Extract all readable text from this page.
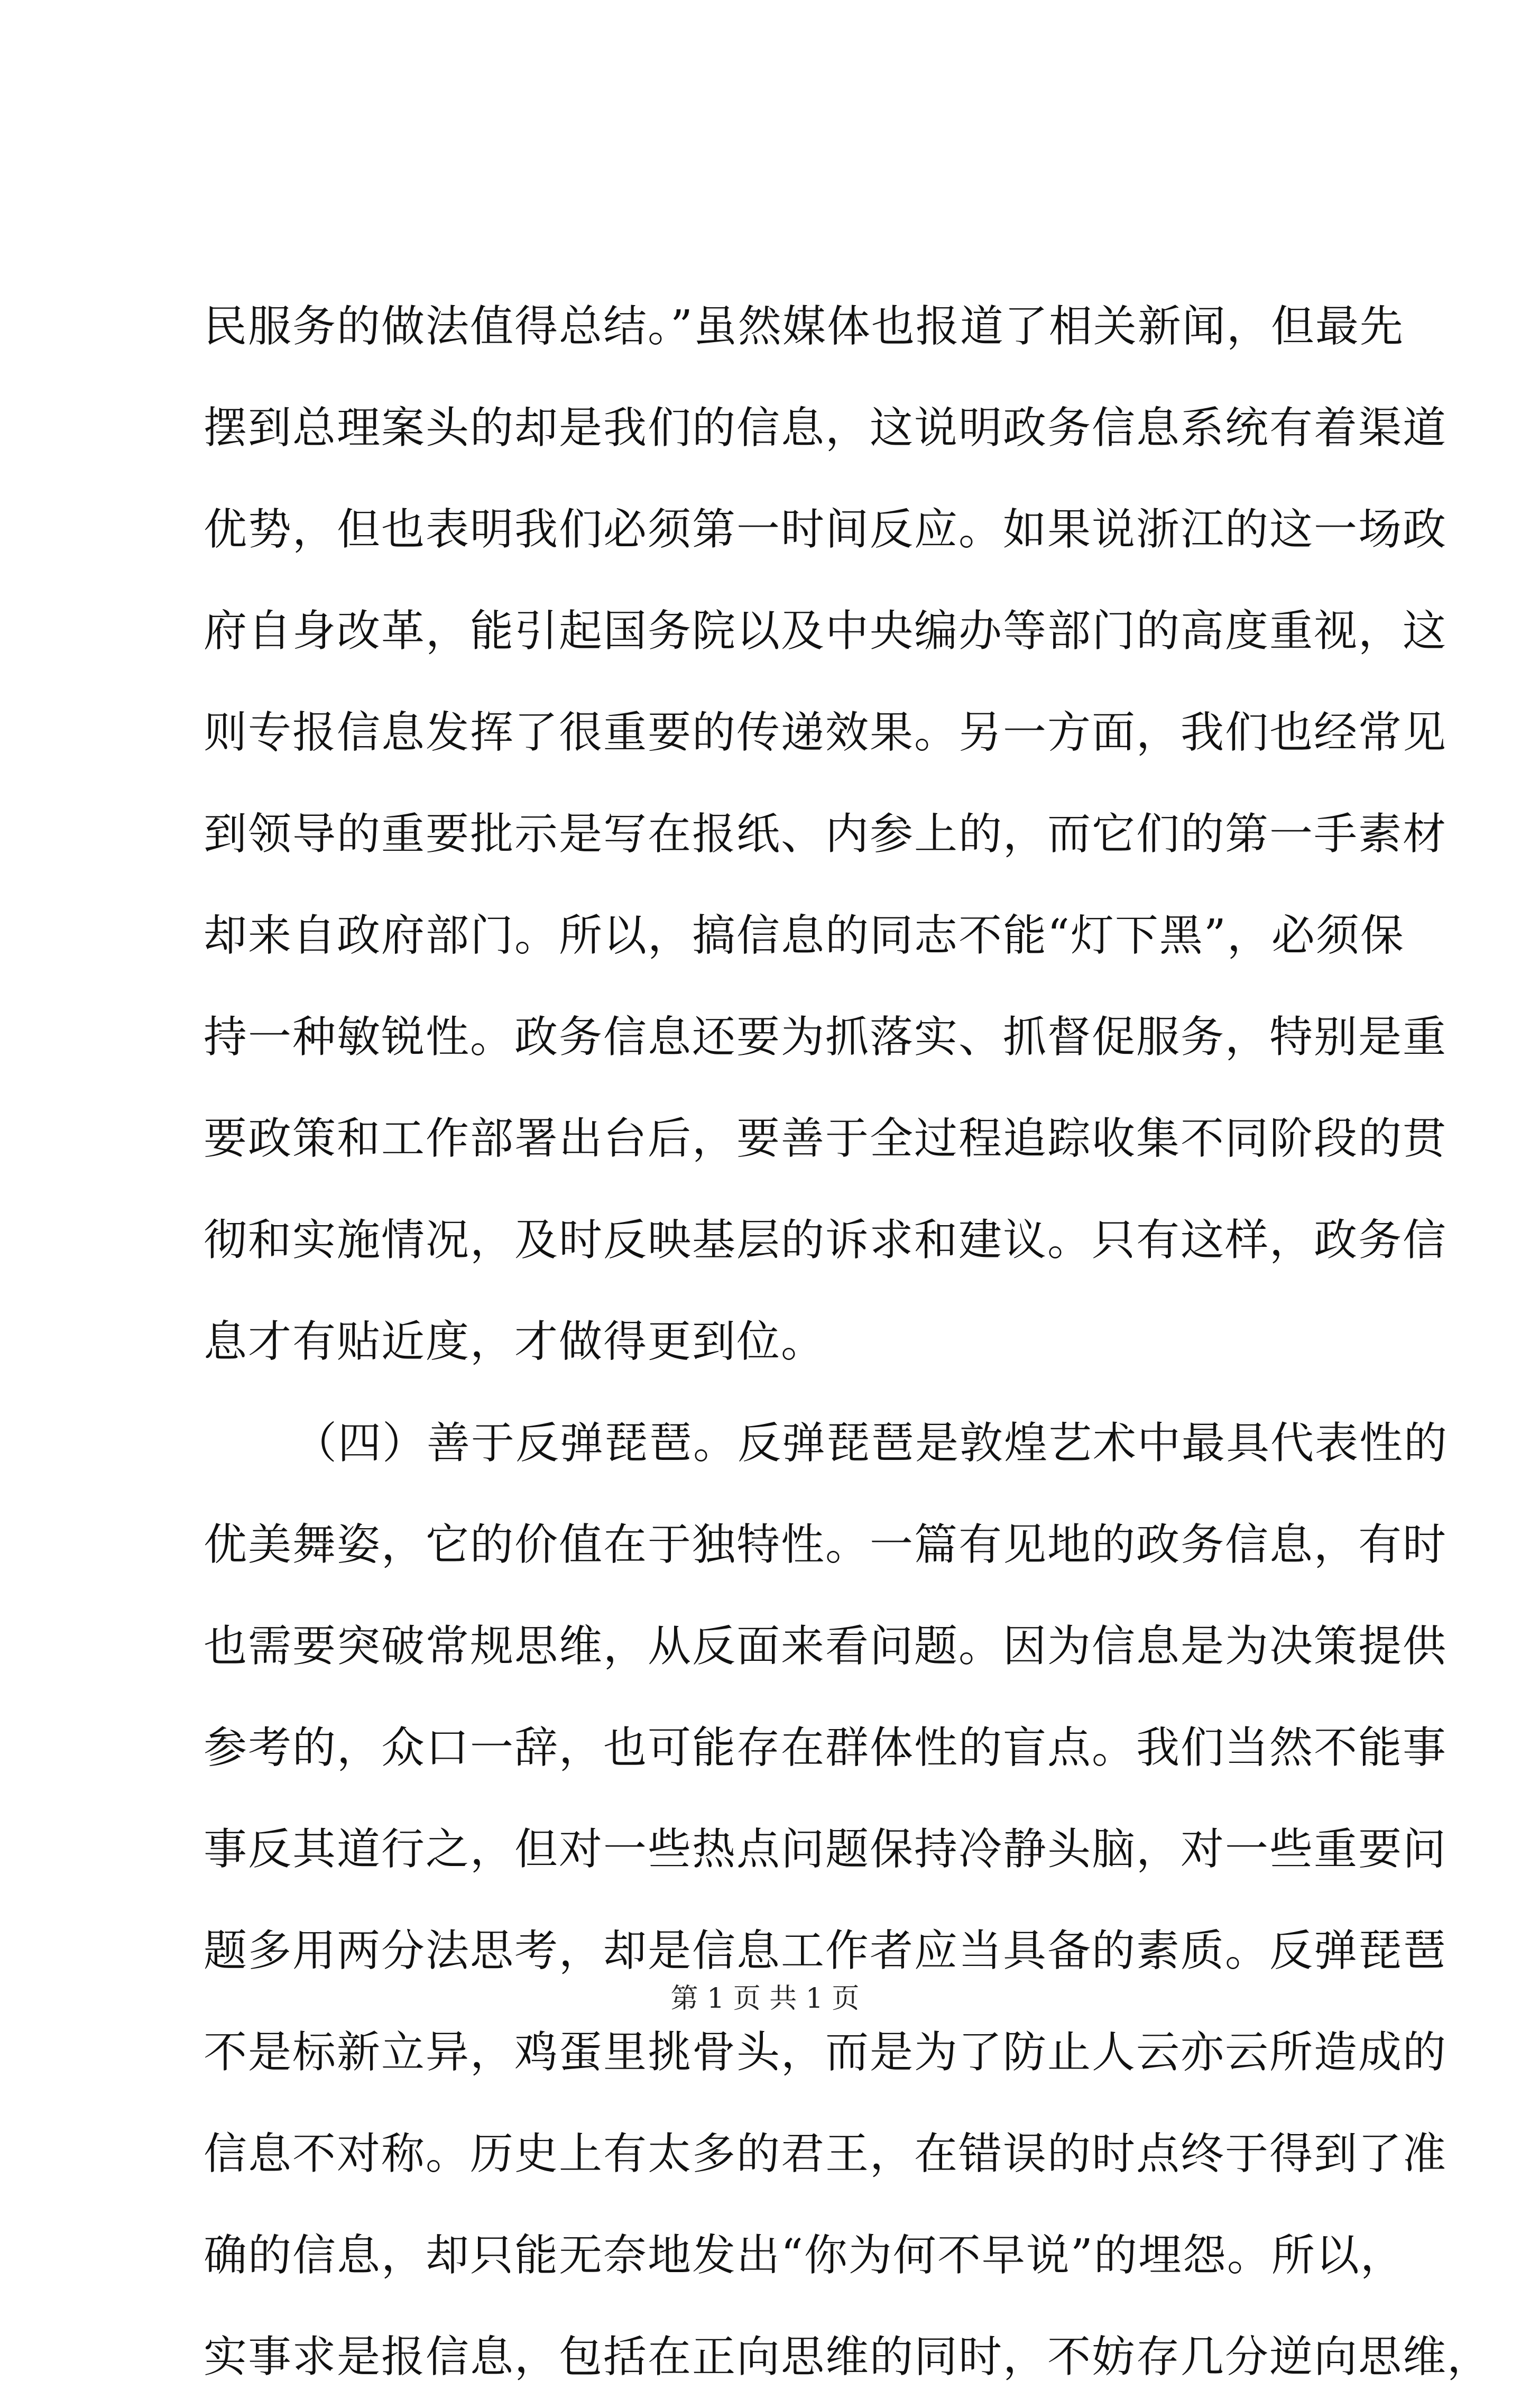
民服务的做法值得总结。”虽然媒体也报道了相关新闻，但最先
摆到总理案头的却是我们的信息，这说明政务信息系统有着渠道
优势，但也表明我们必须第一时间反应。如果说浙江的这一场政
府自身改革，能引起国务院以及中央编办等部门的高度重视，这
则专报信息发挥了很重要的传递效果。另一方面，我们也经常见
到领导的重要批示是写在报纸、内参上的，而它们的第一手素材
却来自政府部门。所以，搞信息的同志不能“灯下黑”，必须保
持一种敏锐性。政务信息还要为抓落实、抓督促服务，特别是重
要政策和工作部署出台后，要善于全过程追踪收集不同阶段的贯
彻和实施情况，及时反映基层的诉求和建议。只有这样，政务信
息才有贴近度，才做得更到位。
（四）善于反弹琵琶。反弹琵琶是敦煌艺术中最具代表性的
优美舞姿，它的价值在于独特性。一篇有见地的政务信息，有时
也需要突破常规思维，从反面来看问题。因为信息是为决策提供
参考的，众口一辞，也可能存在群体性的盲点。我们当然不能事
事反其道行之，但对一些热点问题保持冷静头脑，对一些重要问
题多用两分法思考，却是信息工作者应当具备的素质。反弹琵琶
不是标新立异，鸡蛋里挑骨头，而是为了防止人云亦云所造成的
信息不对称。历史上有太多的君王，在错误的时点终于得到了准
确的信息，却只能无奈地发出“你为何不早说”的埋怨。所以，
实事求是报信息，包括在正向思维的同时，不妨存几分逆向思维，
第 1 页 共 1 页
